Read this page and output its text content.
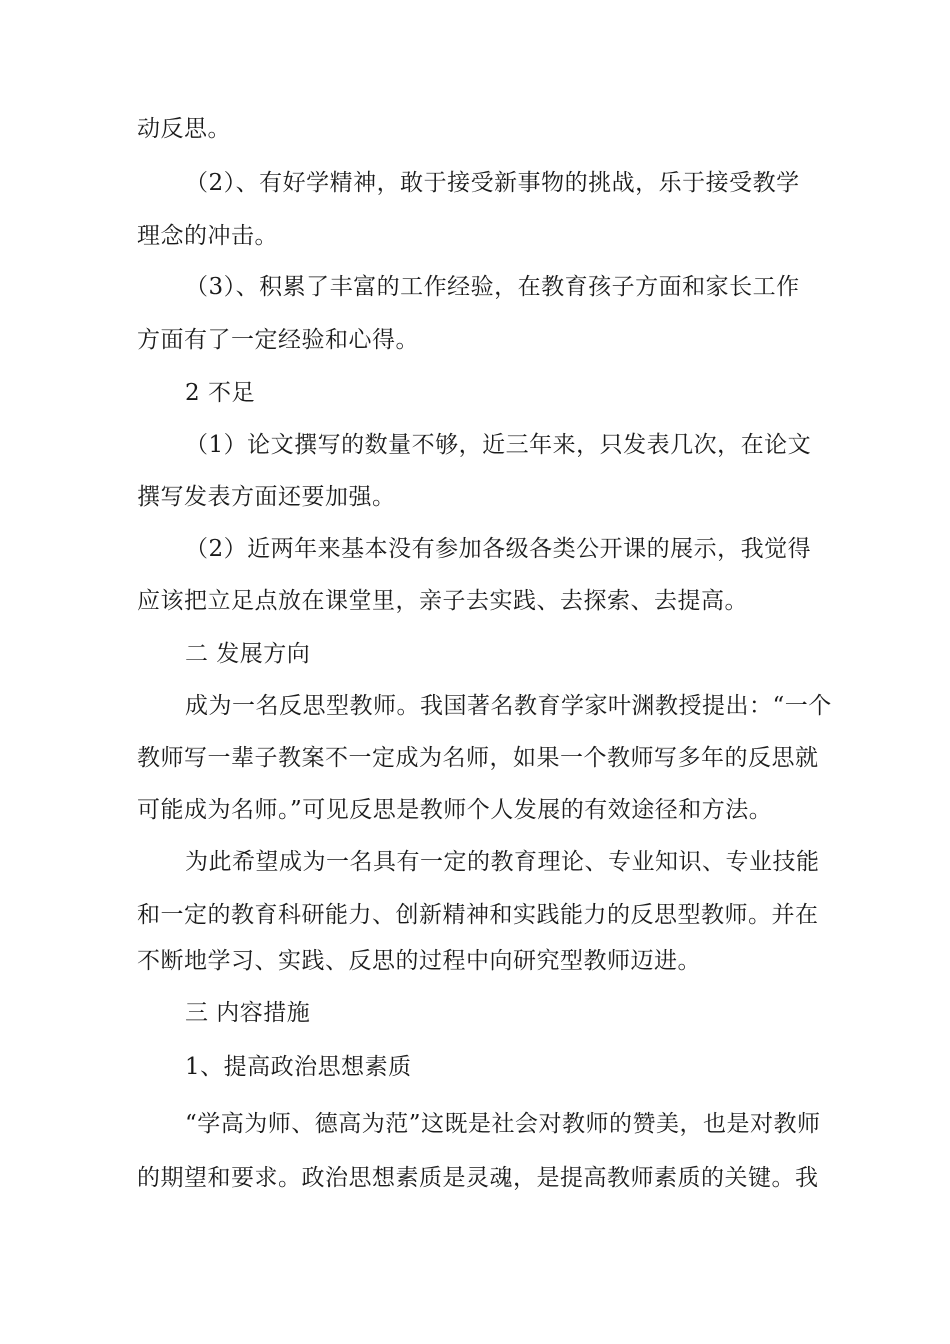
动反思。
（2）、有好学精神，敢于接受新事物的挑战，乐于接受教学
理念的冲击。
（3）、积累了丰富的工作经验，在教育孩子方面和家长工作
方面有了一定经验和心得。
2 不足
（1）论文撰写的数量不够，近三年来，只发表几次，在论文
撰写发表方面还要加强。
（2）近两年来基本没有参加各级各类公开课的展示，我觉得
应该把立足点放在课堂里，亲子去实践、去探索、去提高。
二 发展方向
成为一名反思型教师。我国著名教育学家叶渊教授提出：“一个
教师写一辈子教案不一定成为名师，如果一个教师写多年的反思就
可能成为名师。”可见反思是教师个人发展的有效途径和方法。
为此希望成为一名具有一定的教育理论、专业知识、专业技能
和一定的教育科研能力、创新精神和实践能力的反思型教师。并在
不断地学习、实践、反思的过程中向研究型教师迈进。
三 内容措施
1、提高政治思想素质
“学高为师、德高为范”这既是社会对教师的赞美，也是对教师
的期望和要求。政治思想素质是灵魂，是提高教师素质的关键。我
